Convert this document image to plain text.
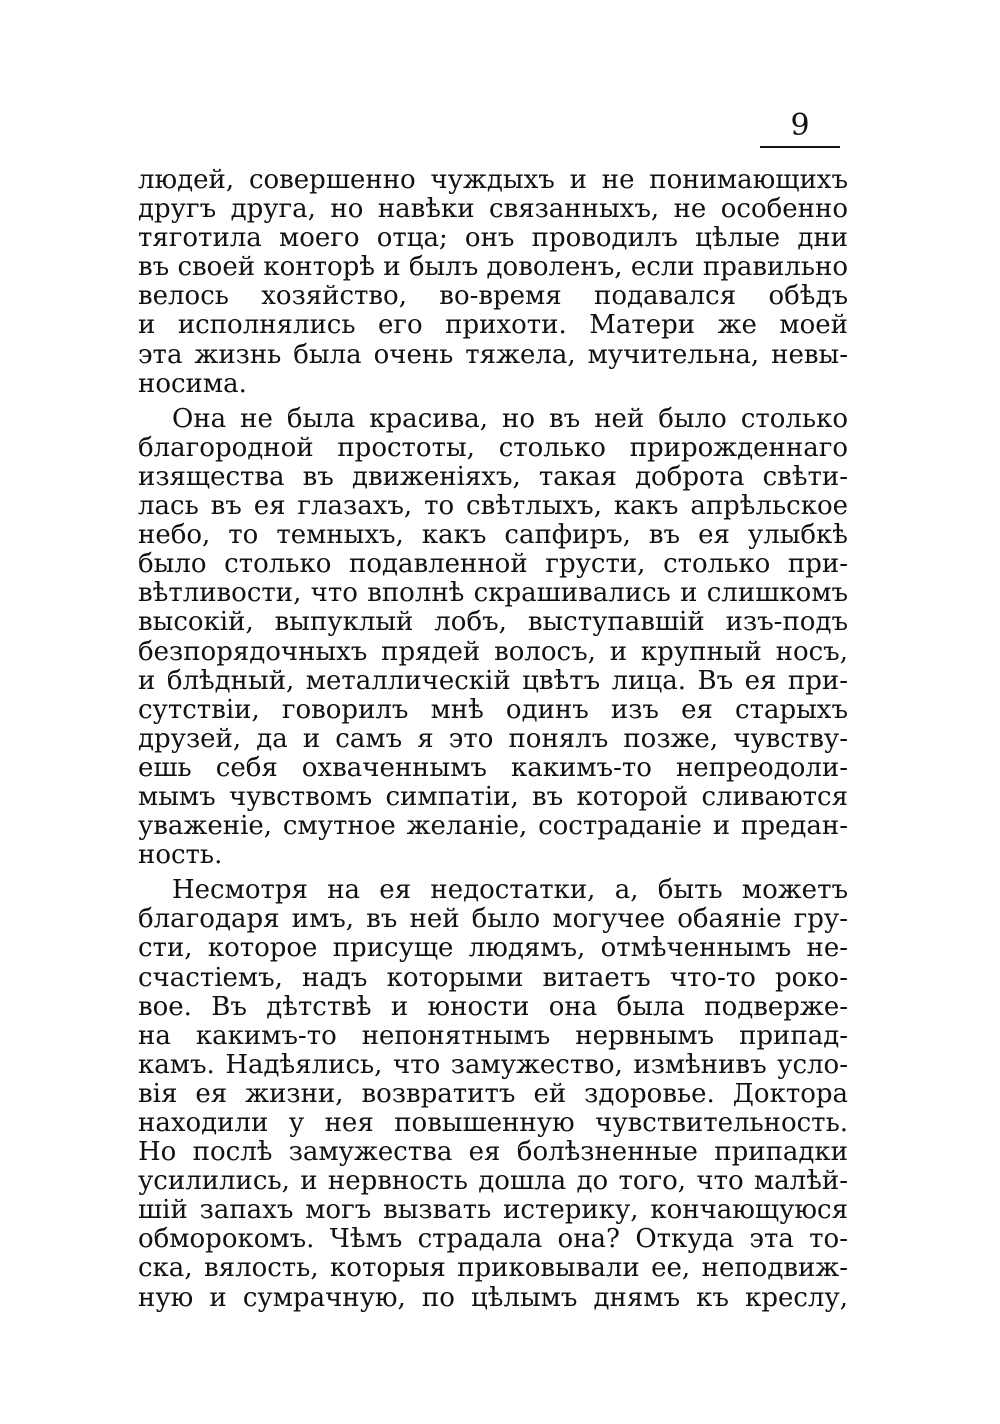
9
людей, совершенно чуждыхъ и не понимающихъ
другъ друга, но навѣки связанныхъ, не особенно
тяготила моего отца; онъ проводилъ цѣлые дни
въ своей конторѣ и былъ доволенъ, если правильно
велось хозяйство, во-время подавался обѣдъ
и исполнялись его прихоти. Матери же моей
эта жизнь была очень тяжела, мучительна, невы-
носима.
Она не была красива, но въ ней было столько
благородной простоты, столько прирожденнаго
изящества въ движеніяхъ, такая доброта свѣти-
лась въ ея глазахъ, то свѣтлыхъ, какъ апрѣльское
небо, то темныхъ, какъ сапфиръ, въ ея улыбкѣ
было столько подавленной грусти, столько при-
вѣтливости, что вполнѣ скрашивались и слишкомъ
высокій, выпуклый лобъ, выступавшій изъ-подъ
безпорядочныхъ прядей волосъ, и крупный носъ,
и блѣдный, металлическій цвѣтъ лица. Въ ея при-
сутствіи, говорилъ мнѣ одинъ изъ ея старыхъ
друзей, да и самъ я это понялъ позже, чувству-
ешь себя охваченнымъ какимъ-то непреодоли-
мымъ чувствомъ симпатіи, въ которой сливаются
уваженіе, смутное желаніе, состраданіе и предан-
ность.
Несмотря на ея недостатки, а, быть можетъ
благодаря имъ, въ ней было могучее обаяніе гру-
сти, которое присуще людямъ, отмѣченнымъ не-
счастіемъ, надъ которыми витаетъ что-то роко-
вое. Въ дѣтствѣ и юности она была подвержe-
на какимъ-то непонятнымъ нервнымъ припад-
камъ. Надѣялись, что замужество, измѣнивъ усло-
вія ея жизни, возвратитъ ей здоровье. Доктора
находили у нея повышенную чувствительность.
Но послѣ замужества ея болѣзненные припадки
усилились, и нервность дошла до того, что малѣй-
шій запахъ могъ вызвать истерику, кончающуюся
обморокомъ. Чѣмъ страдала она? Откуда эта то-
ска, вялость, которыя приковывали ее, неподвиж-
ную и сумрачную, по цѣлымъ днямъ къ креслу,
